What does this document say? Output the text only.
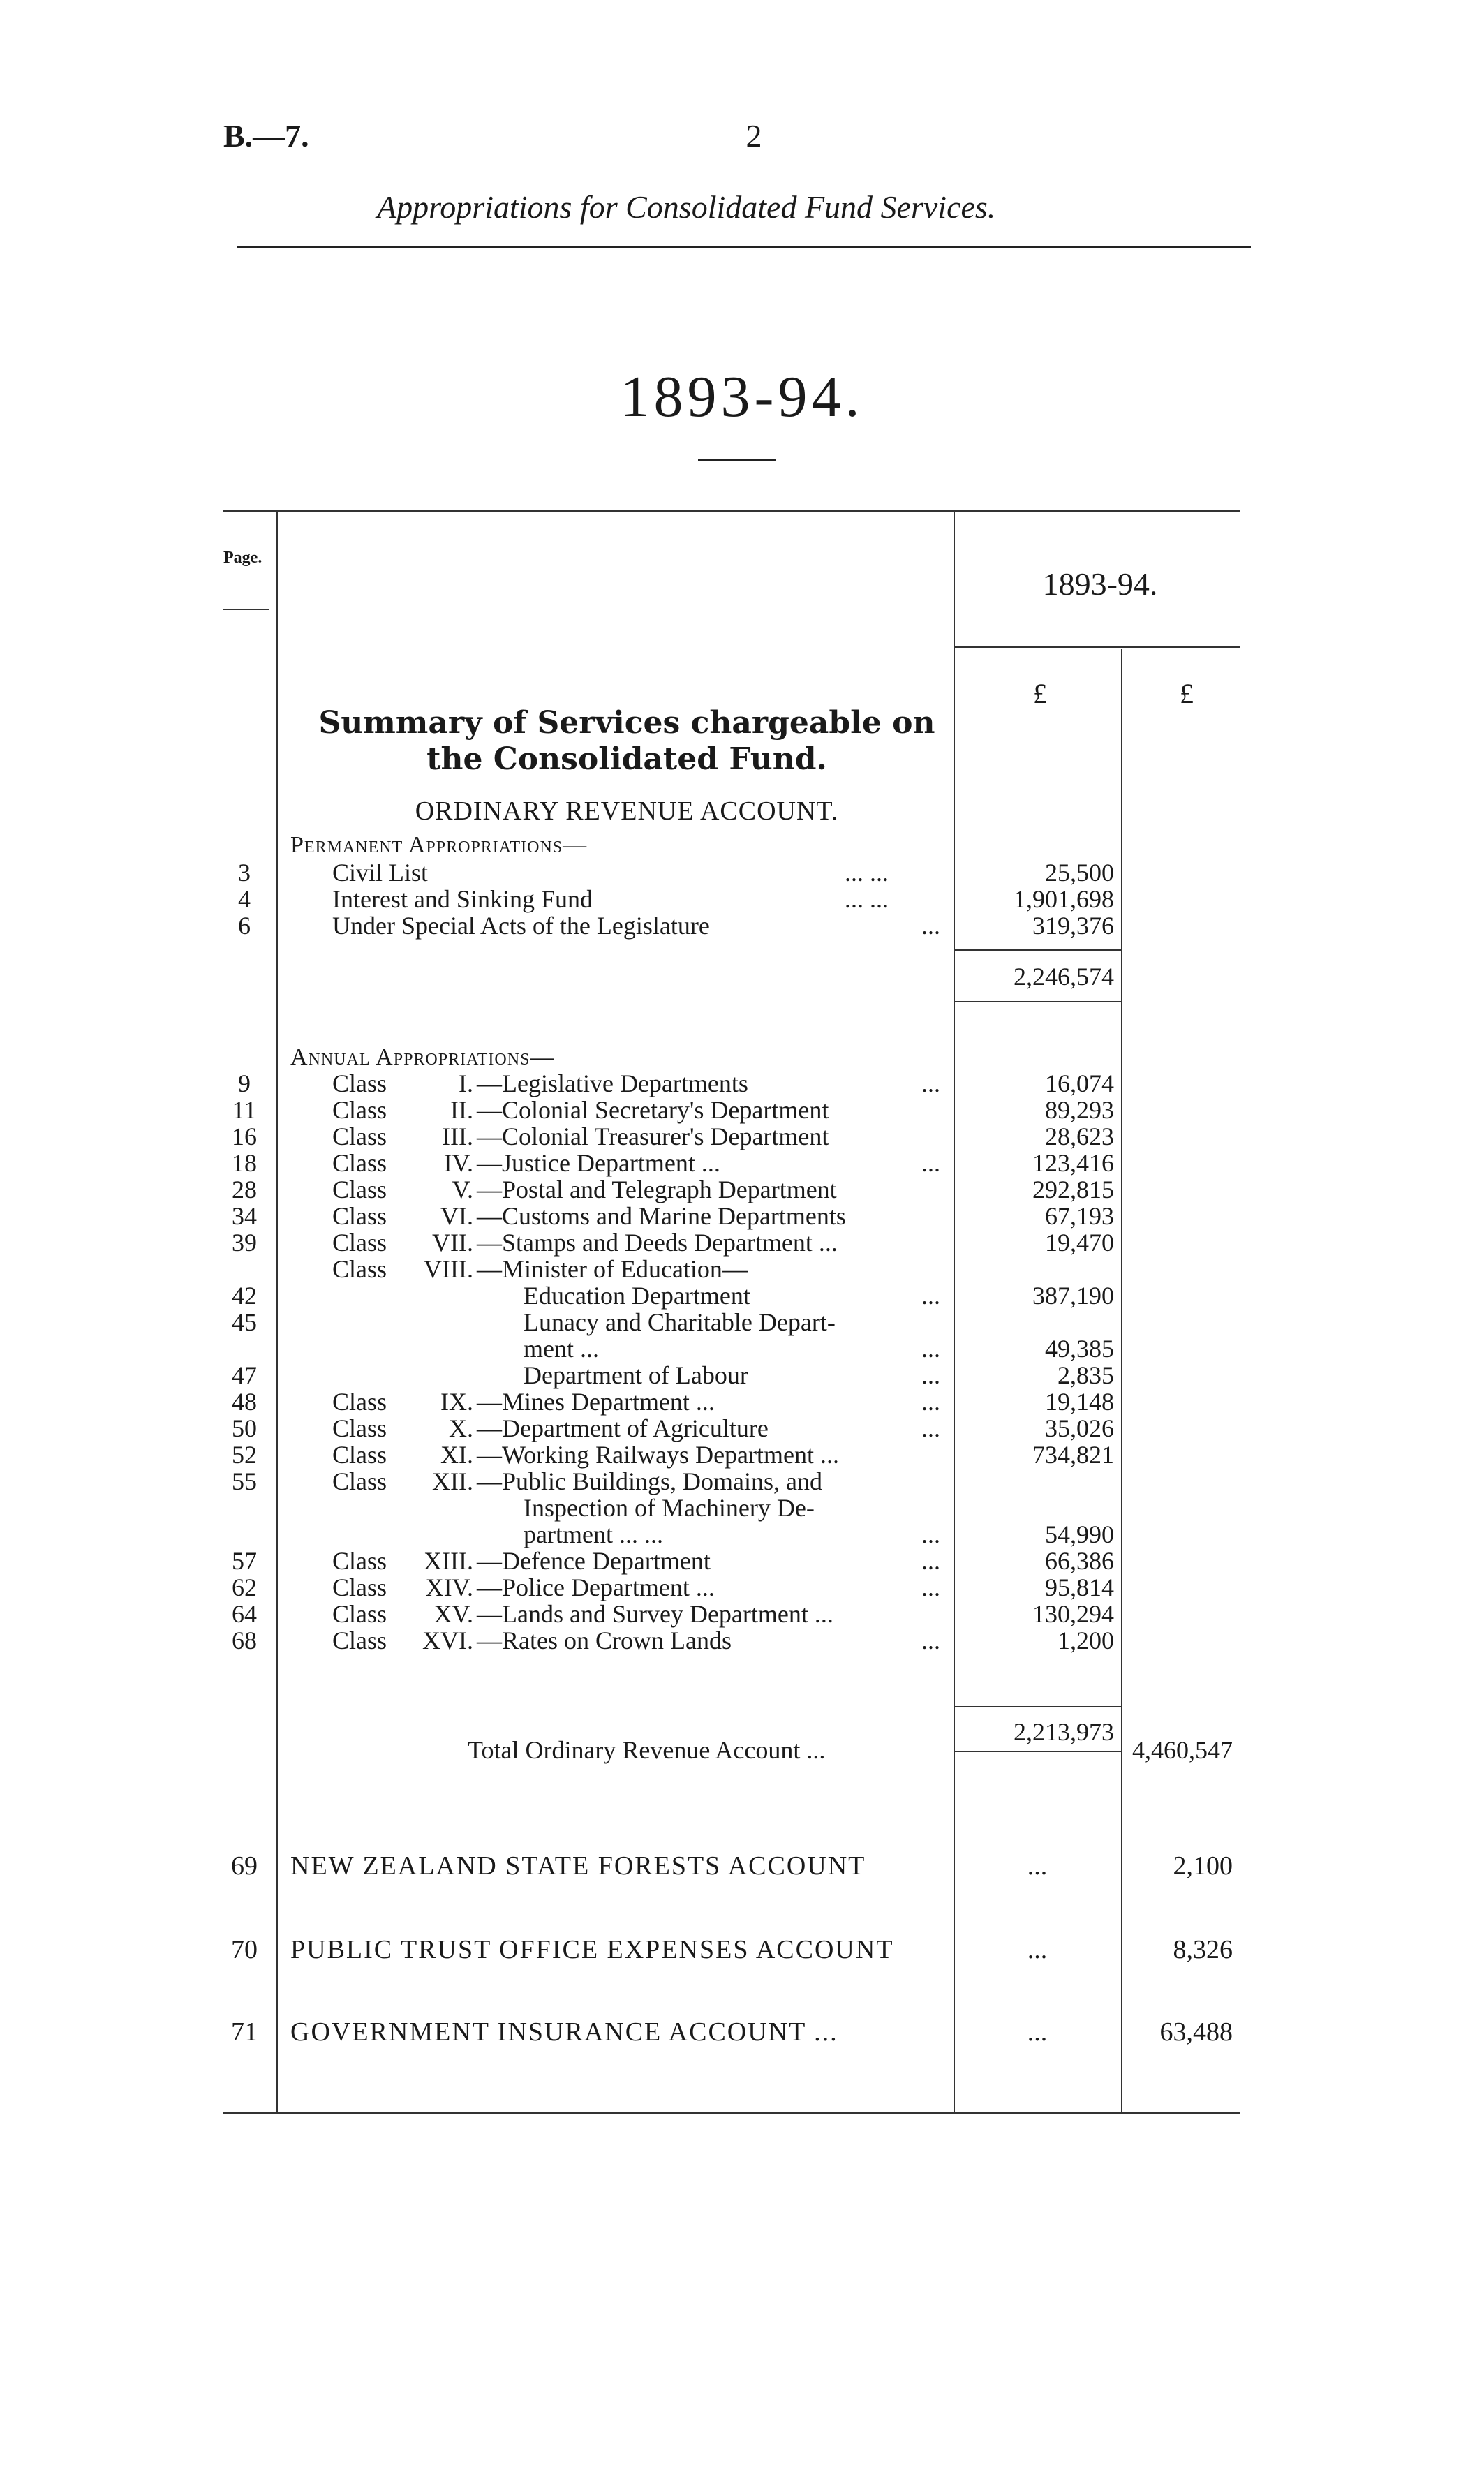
B.—7.	2
Appropriations for Consolidated Fund Services.
1893-94.
Page.
1893-94.
£	£
Summary of Services chargeable on
the Consolidated Fund.
ORDINARY REVENUE ACCOUNT.
Permanent Appropriations—
3	Civil List	... ...	25,500
4	Interest and Sinking Fund	... ...	1,901,698
6	Under Special Acts of the Legislature	...	319,376
2,246,574
Annual Appropriations—
9	Class	I. —Legislative Departments	...	16,074
11	Class	II. —Colonial Secretary's Department	89,293
16	Class	III. —Colonial Treasurer's Department	28,623
18	Class	IV. —Justice Department ...	...	123,416
28	Class	V. —Postal and Telegraph Department	292,815
34	Class	VI. —Customs and Marine Departments	67,193
39	Class	VII. —Stamps and Deeds Department ...	19,470
Class	VIII. —Minister of Education—
42	Education Department	...	387,190
45	Lunacy and Charitable Depart-
ment ...	...	49,385
47	Department of Labour	...	2,835
48	Class	IX. —Mines Department ...	...	19,148
50	Class	X. —Department of Agriculture	...	35,026
52	Class	XI. —Working Railways Department ...	734,821
55	Class	XII. —Public Buildings, Domains, and
Inspection of Machinery De-
partment ... ...	...	54,990
57	Class	XIII. —Defence Department	...	66,386
62	Class	XIV. —Police Department ...	...	95,814
64	Class	XV. —Lands and Survey Department ...	130,294
68	Class	XVI. —Rates on Crown Lands	...	1,200
2,213,973
Total Ordinary Revenue Account ...	4,460,547
69 NEW ZEALAND STATE FORESTS ACCOUNT	...	2,100
70 PUBLIC TRUST OFFICE EXPENSES ACCOUNT	...	8,326
71 GOVERNMENT INSURANCE ACCOUNT ...	...	63,488
